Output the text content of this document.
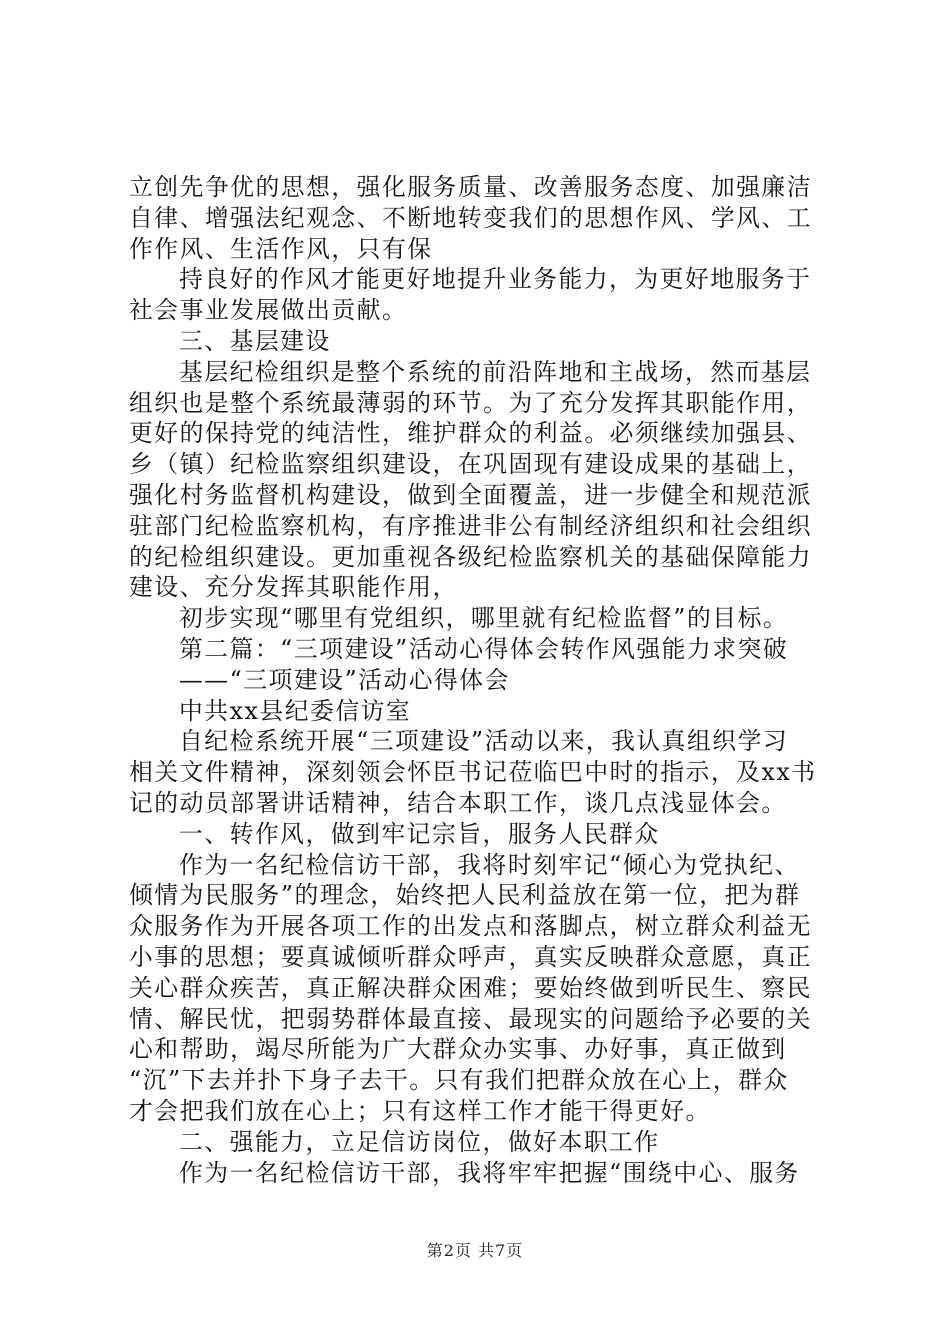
立创先争优的思想，强化服务质量、改善服务态度、加强廉洁
自律、增强法纪观念、不断地转变我们的思想作风、学风、工
作作风、生活作风，只有保
持良好的作风才能更好地提升业务能力，为更好地服务于
社会事业发展做出贡献。
三、基层建设
基层纪检组织是整个系统的前沿阵地和主战场，然而基层
组织也是整个系统最薄弱的环节。为了充分发挥其职能作用，
更好的保持党的纯洁性，维护群众的利益。必须继续加强县、
乡（镇）纪检监察组织建设，在巩固现有建设成果的基础上，
强化村务监督机构建设，做到全面覆盖，进一步健全和规范派
驻部门纪检监察机构，有序推进非公有制经济组织和社会组织
的纪检组织建设。更加重视各级纪检监察机关的基础保障能力
建设、充分发挥其职能作用，
初步实现“哪里有党组织，哪里就有纪检监督”的目标。
第二篇：“三项建设”活动心得体会转作风强能力求突破
——“三项建设”活动心得体会
中共xx县纪委信访室
自纪检系统开展“三项建设”活动以来，我认真组织学习
相关文件精神，深刻领会怀臣书记莅临巴中时的指示，及xx书
记的动员部署讲话精神，结合本职工作，谈几点浅显体会。
一、转作风，做到牢记宗旨，服务人民群众
作为一名纪检信访干部，我将时刻牢记“倾心为党执纪、
倾情为民服务”的理念，始终把人民利益放在第一位，把为群
众服务作为开展各项工作的出发点和落脚点，树立群众利益无
小事的思想；要真诚倾听群众呼声，真实反映群众意愿，真正
关心群众疾苦，真正解决群众困难；要始终做到听民生、察民
情、解民忧，把弱势群体最直接、最现实的问题给予必要的关
心和帮助，竭尽所能为广大群众办实事、办好事，真正做到
“沉”下去并扑下身子去干。只有我们把群众放在心上，群众
才会把我们放在心上；只有这样工作才能干得更好。
二、强能力，立足信访岗位，做好本职工作
作为一名纪检信访干部，我将牢牢把握“围绕中心、服务
第2页 共7页
